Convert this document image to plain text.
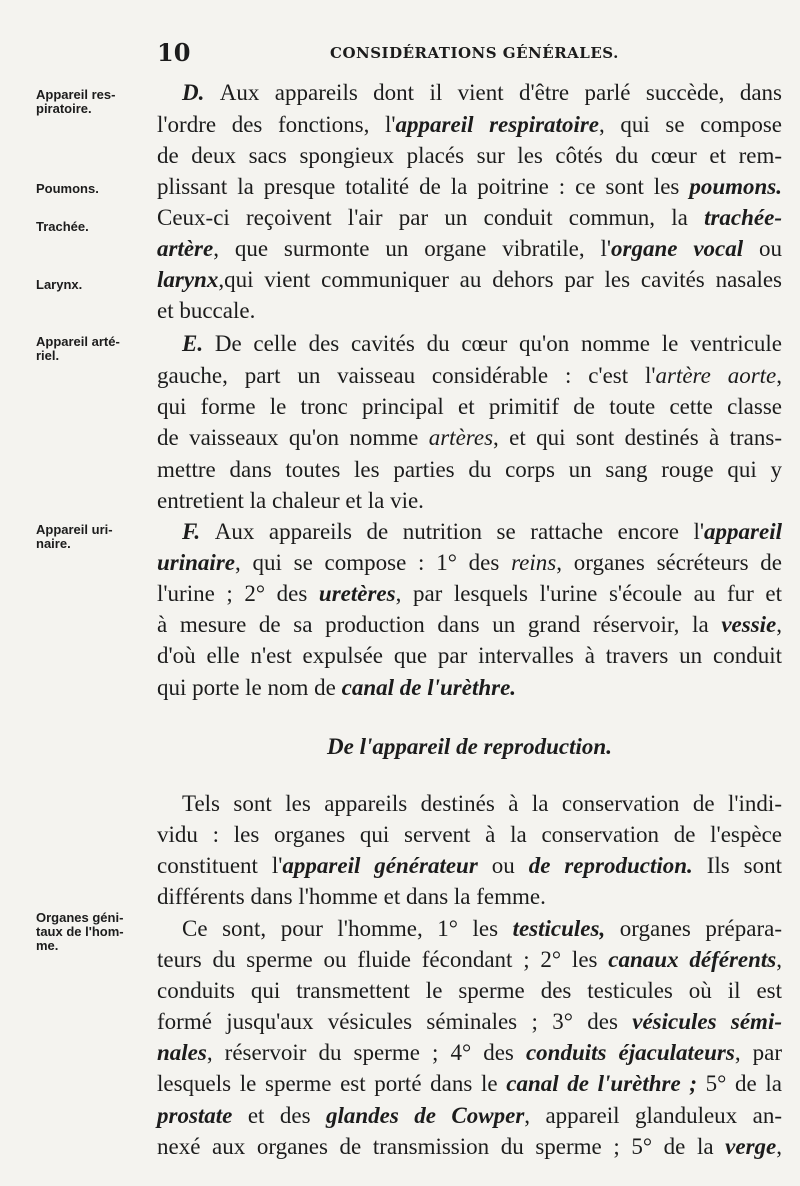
10	CONSIDÉRATIONS GÉNÉRALES.
Appareil res-
piratoire.
Poumons.
Trachée.
Larynx.
Appareil arté-
riel.
Appareil uri-
naire.
Organes géni-
taux de l'hom-
me.
D. Aux appareils dont il vient d'être parlé succède, dans
l'ordre des fonctions, l'appareil respiratoire, qui se compose
de deux sacs spongieux placés sur les côtés du cœur et rem-
plissant la presque totalité de la poitrine : ce sont les poumons.
Ceux-ci reçoivent l'air par un conduit commun, la trachée-
artère, que surmonte un organe vibratile, l'organe vocal ou
larynx,qui vient communiquer au dehors par les cavités nasales
et buccale.
E. De celle des cavités du cœur qu'on nomme le ventricule
gauche, part un vaisseau considérable : c'est l'artère aorte,
qui forme le tronc principal et primitif de toute cette classe
de vaisseaux qu'on nomme artères, et qui sont destinés à trans-
mettre dans toutes les parties du corps un sang rouge qui y
entretient la chaleur et la vie.
F. Aux appareils de nutrition se rattache encore l'appareil
urinaire, qui se compose : 1° des reins, organes sécréteurs de
l'urine ; 2° des uretères, par lesquels l'urine s'écoule au fur et
à mesure de sa production dans un grand réservoir, la vessie,
d'où elle n'est expulsée que par intervalles à travers un conduit
qui porte le nom de canal de l'urèthre.
De l'appareil de reproduction.
Tels sont les appareils destinés à la conservation de l'indi-
vidu : les organes qui servent à la conservation de l'espèce
constituent l'appareil générateur ou de reproduction. Ils sont
différents dans l'homme et dans la femme.
Ce sont, pour l'homme, 1° les testicules, organes prépara-
teurs du sperme ou fluide fécondant ; 2° les canaux déférents,
conduits qui transmettent le sperme des testicules où il est
formé jusqu'aux vésicules séminales ; 3° des vésicules sémi-
nales, réservoir du sperme ; 4° des conduits éjaculateurs, par
lesquels le sperme est porté dans le canal de l'urèthre ; 5° de la
prostate et des glandes de Cowper, appareil glanduleux an-
nexé aux organes de transmission du sperme ; 5° de la verge,
